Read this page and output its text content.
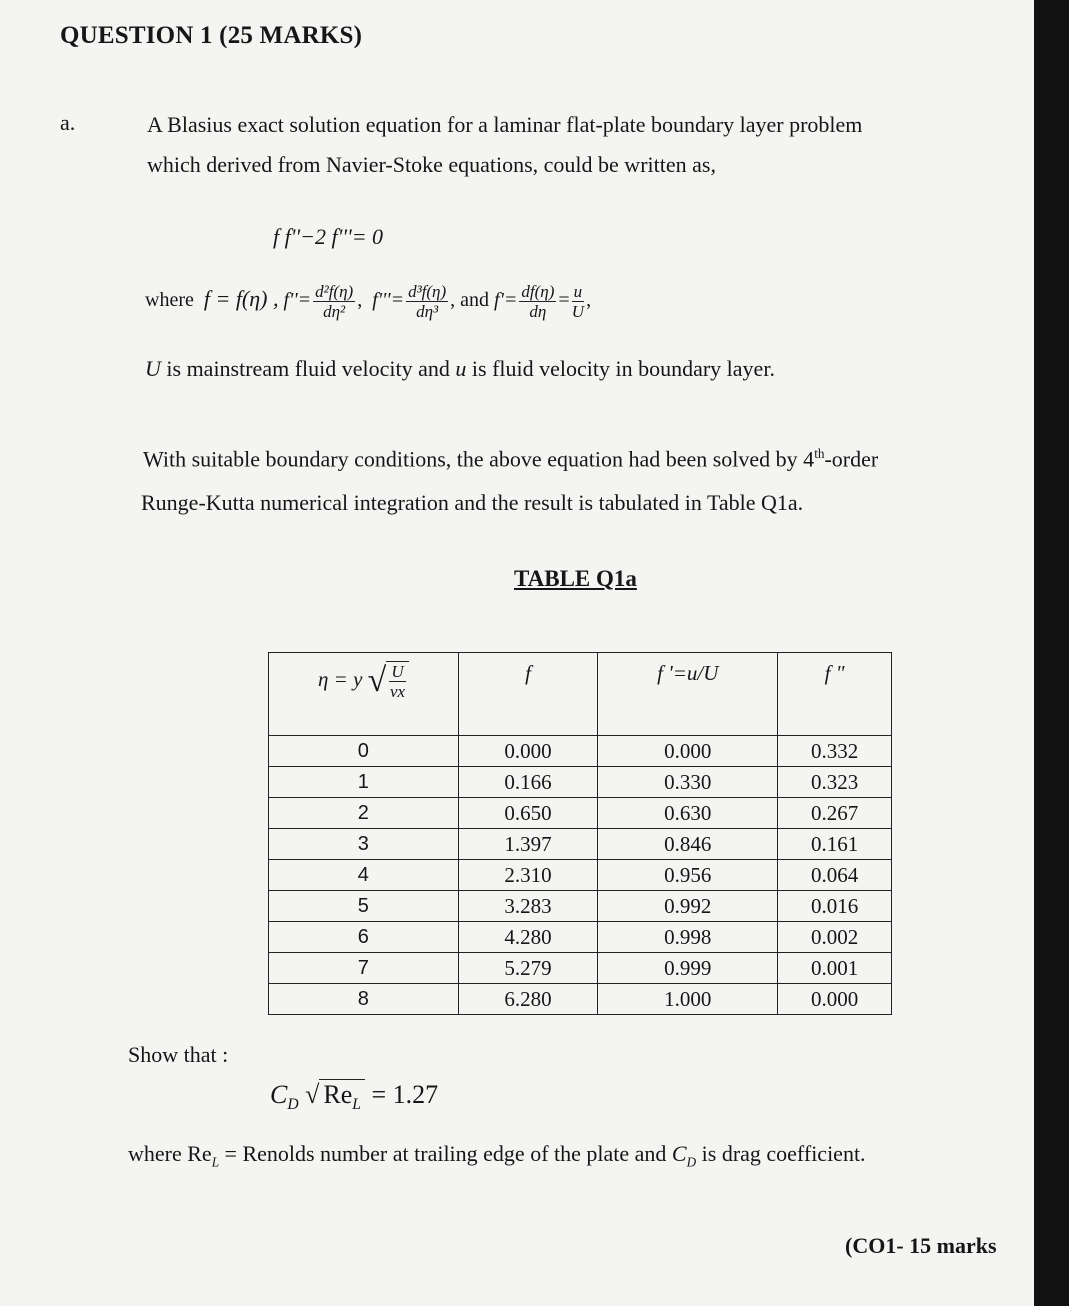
QUESTION 1 (25 MARKS)
a.	A Blasius exact solution equation for a laminar flat-plate boundary layer problem
which derived from Navier-Stoke equations, could be written as,
f f''−2 f'''= 0
where f = f(η) , $f''= \frac{\text{d²f(η)}}{\text{dη²}}$ ,  $f'''= \frac{\text{d³f(η)}}{\text{dη³}}$ , and $f'= \frac{df(\eta)}{d\eta} = \frac{u}{U}$ ,
U is mainstream fluid velocity and u is fluid velocity in boundary layer.
With suitable boundary conditions, the above equation had been solved by 4th-order
Runge-Kutta numerical integration and the result is tabulated in Table Q1a.
TABLE Q1a
η = y √ $\frac{U}{\nu x}$	f	f '=u/U	f "
0	0.000	0.000	0.332
1	0.166	0.330	0.323
2	0.650	0.630	0.267
3	1.397	0.846	0.161
4	2.310	0.956	0.064
5	3.283	0.992	0.016
6	4.280	0.998	0.002
7	5.279	0.999	0.001
8	6.280	1.000	0.000
Show that :
$C_D$ √ $Re_L = 1.27$
where $Re_L$ = Renolds number at trailing edge of the plate and $C_D$ is drag coefficient.
(CO1- 15 marks
